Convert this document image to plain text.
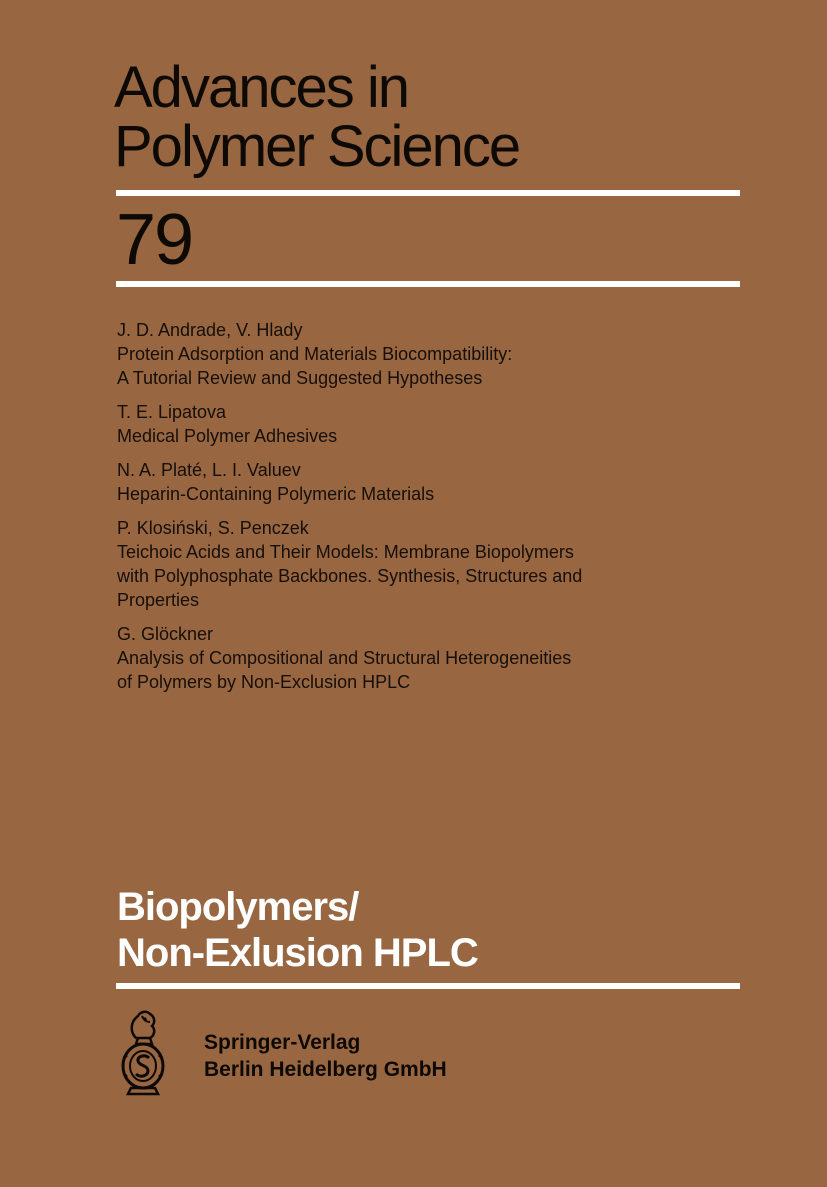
Advances in
Polymer Science
79
J. D. Andrade, V. Hlady
Protein Adsorption and Materials Biocompatibility:
A Tutorial Review and Suggested Hypotheses
T. E. Lipatova
Medical Polymer Adhesives
N. A. Platé, L. I. Valuev
Heparin-Containing Polymeric Materials
P. Klosiński, S. Penczek
Teichoic Acids and Their Models: Membrane Biopolymers
with Polyphosphate Backbones. Synthesis, Structures and
Properties
G. Glöckner
Analysis of Compositional and Structural Heterogeneities
of Polymers by Non-Exclusion HPLC
Biopolymers/
Non-Exlusion HPLC
Springer-Verlag
Berlin Heidelberg GmbH
